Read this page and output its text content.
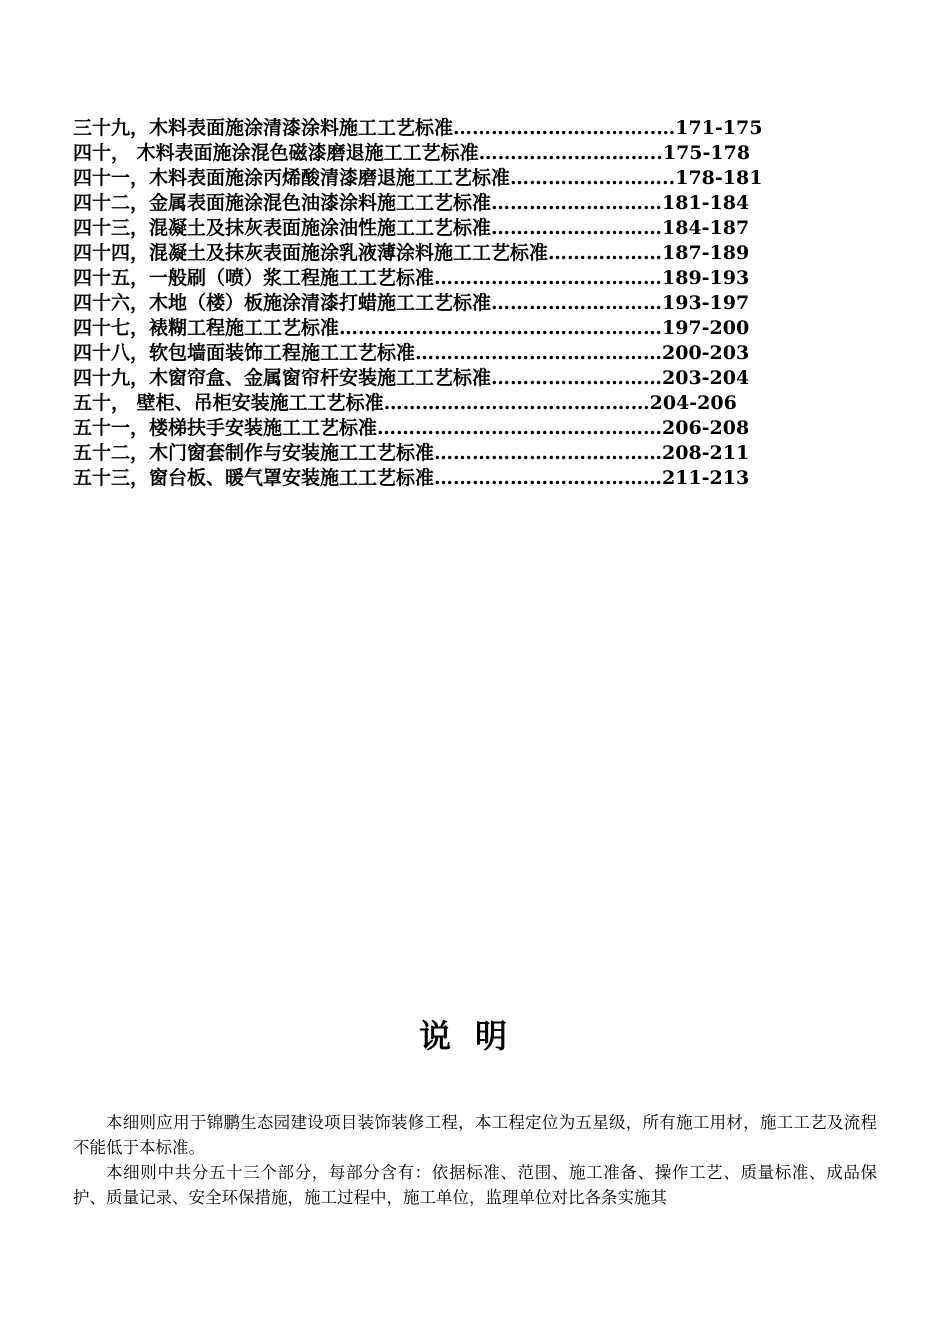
三十九，木料表面施涂清漆涂料施工工艺标准…………………………..…171-175
四十， 木料表面施涂混色磁漆磨退施工工艺标准………………………..175-178
四十一，木料表面施涂丙烯酸清漆磨退施工工艺标准……………………..178-181
四十二，金属表面施涂混色油漆涂料施工工艺标准………………………181-184
四十三，混凝土及抹灰表面施涂油性施工工艺标准………………………184-187
四十四，混凝土及抹灰表面施涂乳液薄涂料施工工艺标准………………187-189
四十五，一般刷（喷）浆工程施工工艺标准………………………………189-193
四十六，木地（楼）板施涂清漆打蜡施工工艺标准………………………193-197
四十七，裱糊工程施工工艺标准……………………………………………197-200
四十八，软包墙面装饰工程施工工艺标准…………………………………200-203
四十九，木窗帘盒、金属窗帘杆安装施工工艺标准………………………203-204
五十， 壁柜、吊柜安装施工工艺标准……………………………………204-206
五十一，楼梯扶手安装施工工艺标准………………………………………206-208
五十二，木门窗套制作与安装施工工艺标准………………………………208-211
五十三，窗台板、暖气罩安装施工工艺标准………………………………211-213
说明

本细则应用于锦鹏生态园建设项目装饰装修工程，本工程定位为五星级，所有施工用材，施工工艺及流程不能低于本标准。

本细则中共分五十三个部分，每部分含有：依据标准、范围、施工准备、操作工艺、质量标准、成品保护、质量记录、安全环保措施，施工过程中，施工单位，监理单位对比各条实施其
